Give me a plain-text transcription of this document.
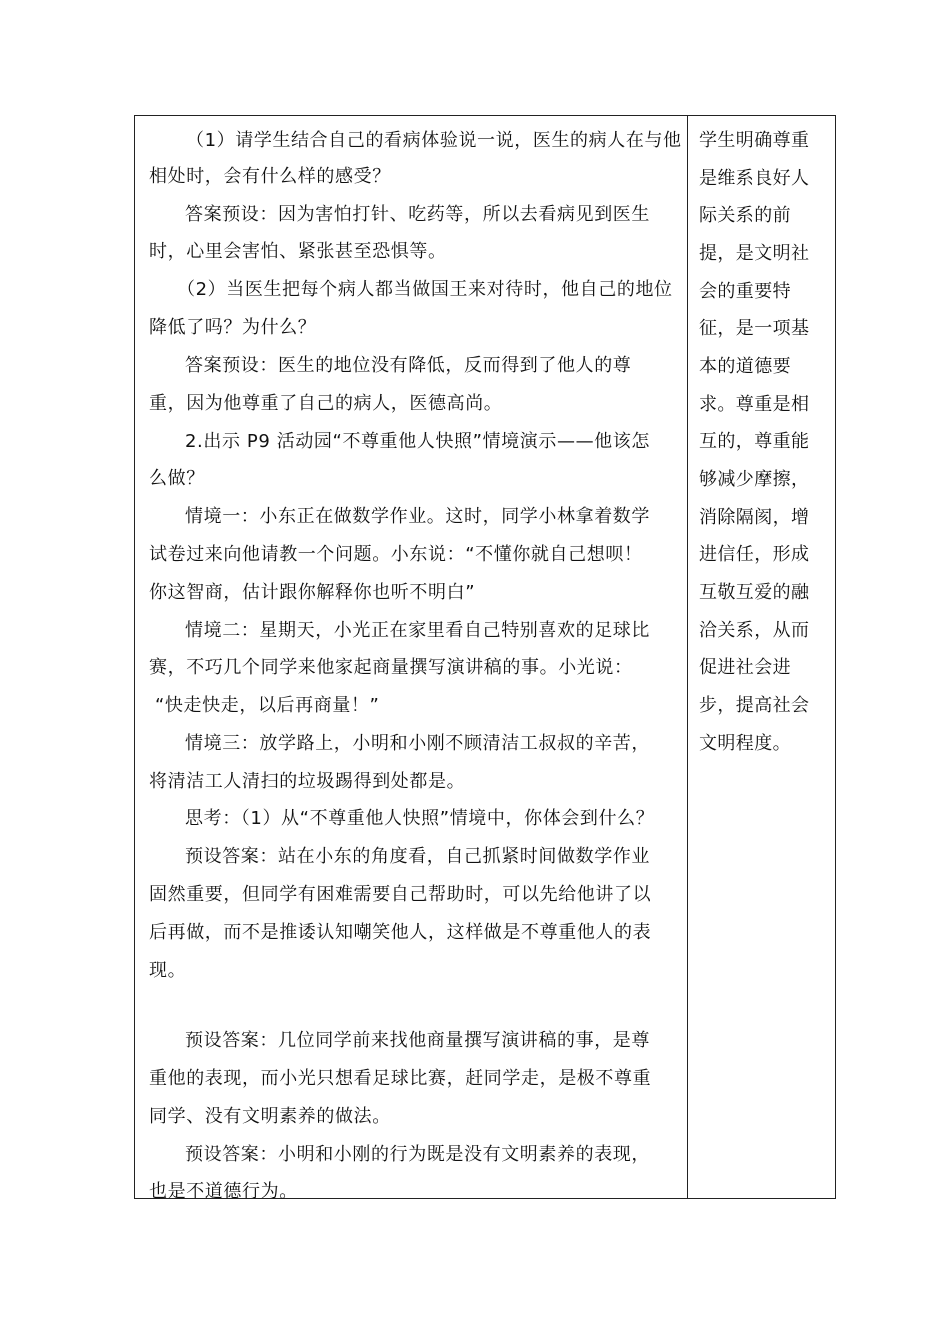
（1）请学生结合自己的看病体验说一说，医生的病人在与他
相处时，会有什么样的感受？
答案预设：因为害怕打针、吃药等，所以去看病见到医生
时，心里会害怕、紧张甚至恐惧等。
（2）当医生把每个病人都当做国王来对待时，他自己的地位
降低了吗？为什么？
答案预设：医生的地位没有降低，反而得到了他人的尊
重，因为他尊重了自己的病人，医德高尚。
2.出示 P9 活动园“不尊重他人快照”情境演示——他该怎
么做？
情境一：小东正在做数学作业。这时，同学小林拿着数学
试卷过来向他请教一个问题。小东说：“不懂你就自己想呗！
你这智商，估计跟你解释你也听不明白”
情境二：星期天，小光正在家里看自己特别喜欢的足球比
赛，不巧几个同学来他家起商量撰写演讲稿的事。小光说：
“快走快走，以后再商量！”
情境三：放学路上，小明和小刚不顾清洁工叔叔的辛苦，
将清洁工人清扫的垃圾踢得到处都是。
思考：（1）从“不尊重他人快照”情境中，你体会到什么？
预设答案：站在小东的角度看，自己抓紧时间做数学作业
固然重要，但同学有困难需要自己帮助时，可以先给他讲了以
后再做，而不是推诿认知嘲笑他人，这样做是不尊重他人的表
现。
预设答案：几位同学前来找他商量撰写演讲稿的事，是尊
重他的表现，而小光只想看足球比赛，赶同学走，是极不尊重
同学、没有文明素养的做法。
预设答案：小明和小刚的行为既是没有文明素养的表现，
也是不道德行为。
学生明确尊重
是维系良好人
际关系的前
提，是文明社
会的重要特
征，是一项基
本的道德要
求。尊重是相
互的，尊重能
够减少摩擦，
消除隔阂，增
进信任，形成
互敬互爱的融
洽关系，从而
促进社会进
步，提高社会
文明程度。
